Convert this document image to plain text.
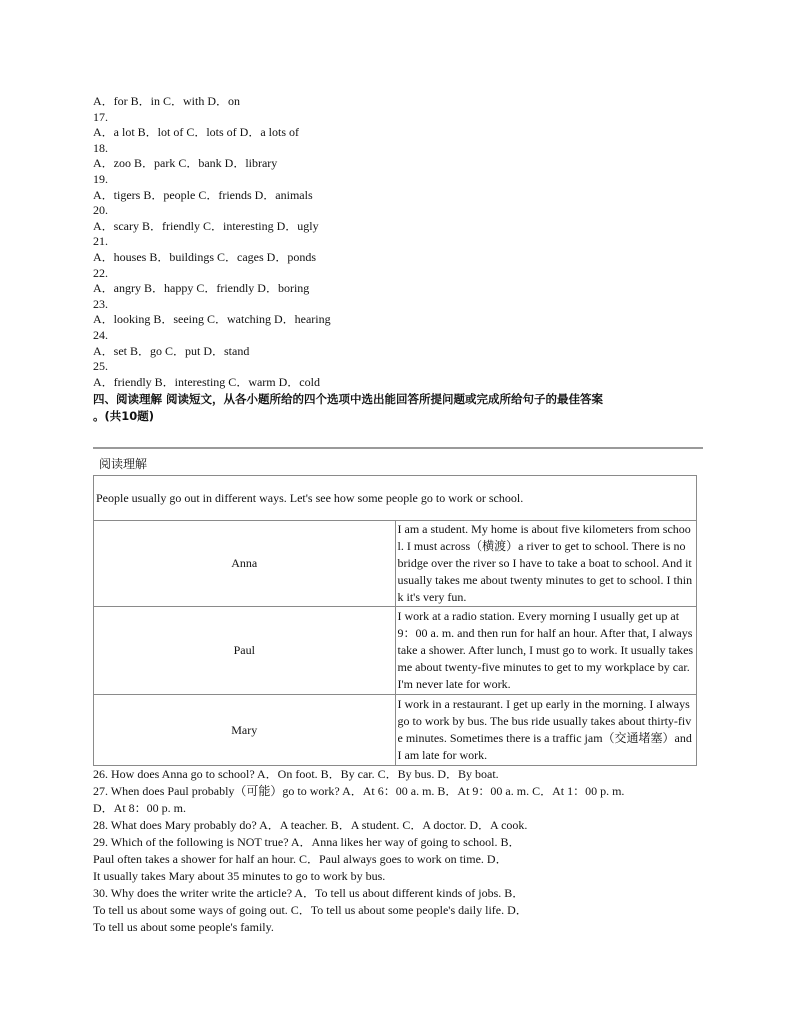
A．for B．in C．with D．on
17.
A．a lot B．lot of C．lots of D．a lots of
18.
A．zoo B．park C．bank D．library
19.
A．tigers B．people C．friends D．animals
20.
A．scary B．friendly C．interesting D．ugly
21.
A．houses B．buildings C．cages D．ponds
22.
A．angry B．happy C．friendly D．boring
23.
A．looking B．seeing C．watching D．hearing
24.
A．set B．go C．put D．stand
25.
A．friendly B．interesting C．warm D．cold
四、阅读理解 阅读短文，从各小题所给的四个选项中选出能回答所提问题或完成所给句子的最佳答案
。(共10题)
阅读理解
People usually go out in different ways. Let's see how some people go to work or school.	
Anna	I am a student. My home is about five kilometers from school. I must across（横渡）a river to get to school. There is no bridge over the river so I have to take a boat to school. And it usually takes me about twenty minutes to get to school. I think it's very fun.
Paul	I work at a radio station. Every morning I usually get up at 9：00 a. m. and then run for half an hour. After that, I always take a shower. After lunch, I must go to work. It usually takes me about twenty-five minutes to get to my workplace by car. I'm never late for work.
Mary	I work in a restaurant. I get up early in the morning. I always go to work by bus. The bus ride usually takes about thirty-five minutes. Sometimes there is a traffic jam（交通堵塞）and I am late for work.
26. How does Anna go to school? A．On foot. B．By car. C．By bus. D．By boat.
27. When does Paul probably（可能）go to work? A．At 6：00 a. m. B．At 9：00 a. m. C．At 1：00 p. m.
D．At 8：00 p. m.
28. What does Mary probably do? A．A teacher. B．A student. C．A doctor. D．A cook.
29. Which of the following is NOT true? A．Anna likes her way of going to school. B．
Paul often takes a shower for half an hour. C．Paul always goes to work on time. D．
It usually takes Mary about 35 minutes to go to work by bus.
30. Why does the writer write the article? A．To tell us about different kinds of jobs. B．
To tell us about some ways of going out. C．To tell us about some people's daily life. D．
To tell us about some people's family.
